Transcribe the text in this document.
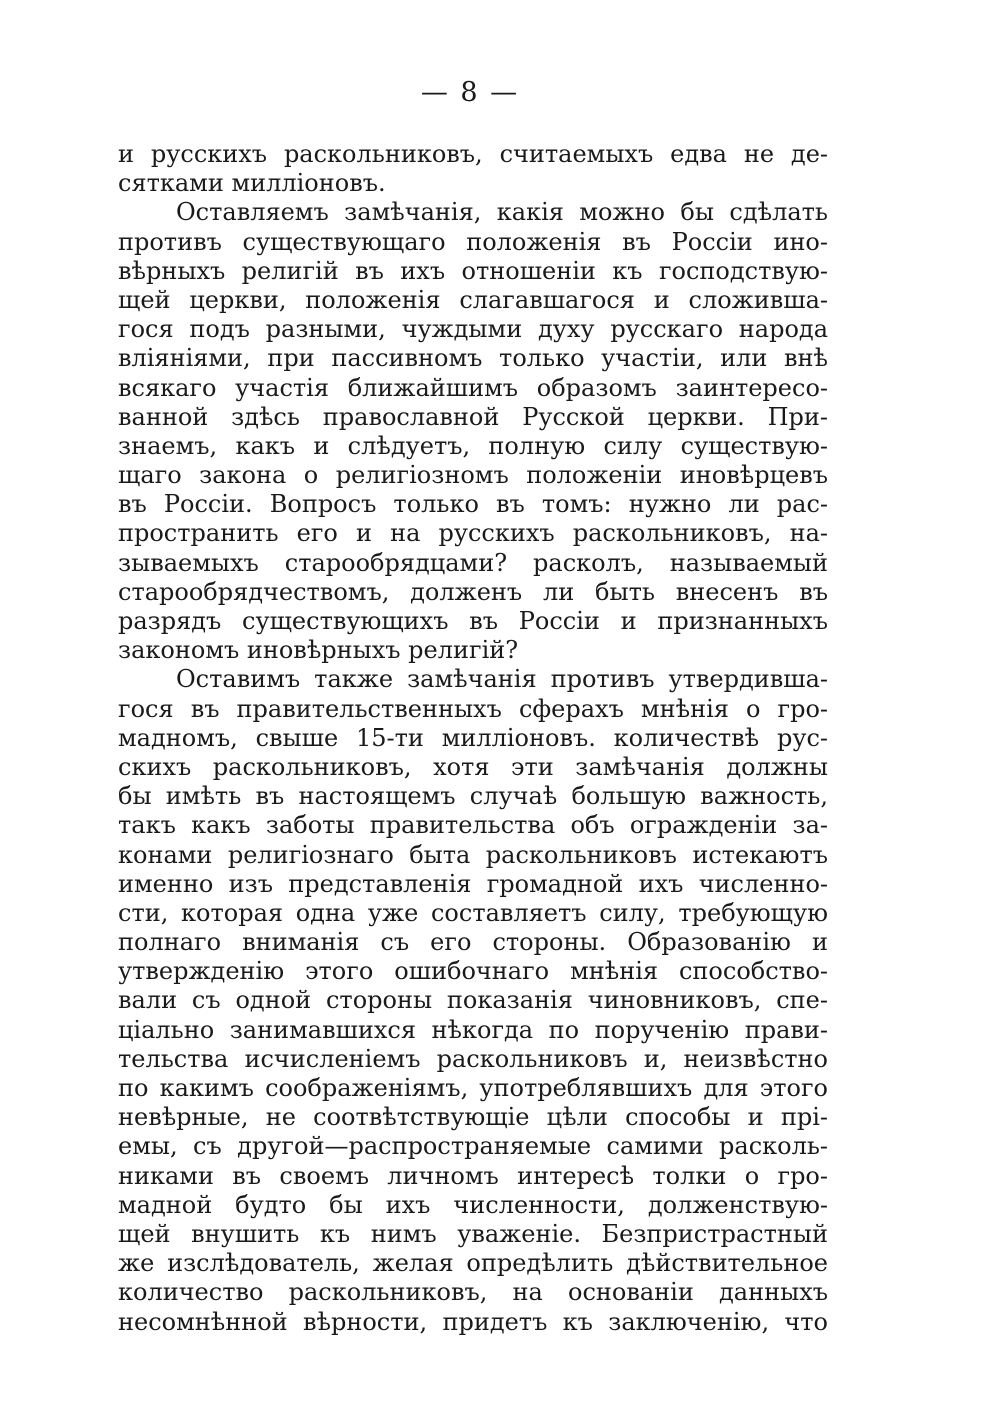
— 8 —
и русскихъ раскольниковъ, считаемыхъ едва не де-
сятками милліоновъ.
Оставляемъ замѣчанія, какія можно бы сдѣлать
противъ существующаго положенія въ Россіи ино-
вѣрныхъ религій въ ихъ отношеніи къ господствую-
щей церкви, положенія слагавшагося и сложивша-
гося подъ разными, чуждыми духу русскаго народа
вліяніями, при пассивномъ только участіи, или внѣ
всякаго участія ближайшимъ образомъ заинтересо-
ванной здѣсь православной Русской церкви. При-
знаемъ, какъ и слѣдуетъ, полную силу существую-
щаго закона о религіозномъ положеніи иновѣрцевъ
въ Россіи. Вопросъ только въ томъ: нужно ли рас-
пространить его и на русскихъ раскольниковъ, на-
зываемыхъ старообрядцами? расколъ, называемый
старообрядчествомъ, долженъ ли быть внесенъ въ
разрядъ существующихъ въ Россіи и признанныхъ
закономъ иновѣрныхъ религій?
Оставимъ также замѣчанія противъ утвердивша-
гося въ правительственныхъ сферахъ мнѣнія о гро-
мадномъ, свыше 15-ти милліоновъ. количествѣ рус-
скихъ раскольниковъ, хотя эти замѣчанія должны
бы имѣть въ настоящемъ случаѣ большую важность,
такъ какъ заботы правительства объ огражденіи за-
конами религіознаго быта раскольниковъ истекаютъ
именно изъ представленія громадной ихъ численно-
сти, которая одна уже составляетъ силу, требующую
полнаго вниманія съ его стороны. Образованію и
утвержденію этого ошибочнаго мнѣнія способство-
вали съ одной стороны показанія чиновниковъ, спе-
ціально занимавшихся нѣкогда по порученію прави-
тельства исчисленіемъ раскольниковъ и, неизвѣстно
по какимъ соображеніямъ, употреблявшихъ для этого
невѣрные, не соотвѣтствующіе цѣли способы и прі-
емы, съ другой—распространяемые самими расколь-
никами въ своемъ личномъ интересѣ толки о гро-
мадной будто бы ихъ численности, долженствую-
щей внушить къ нимъ уваженіе. Безпристрастный
же изслѣдователь, желая опредѣлить дѣйствительное
количество раскольниковъ, на основаніи данныхъ
несомнѣнной вѣрности, придетъ къ заключенію, что
